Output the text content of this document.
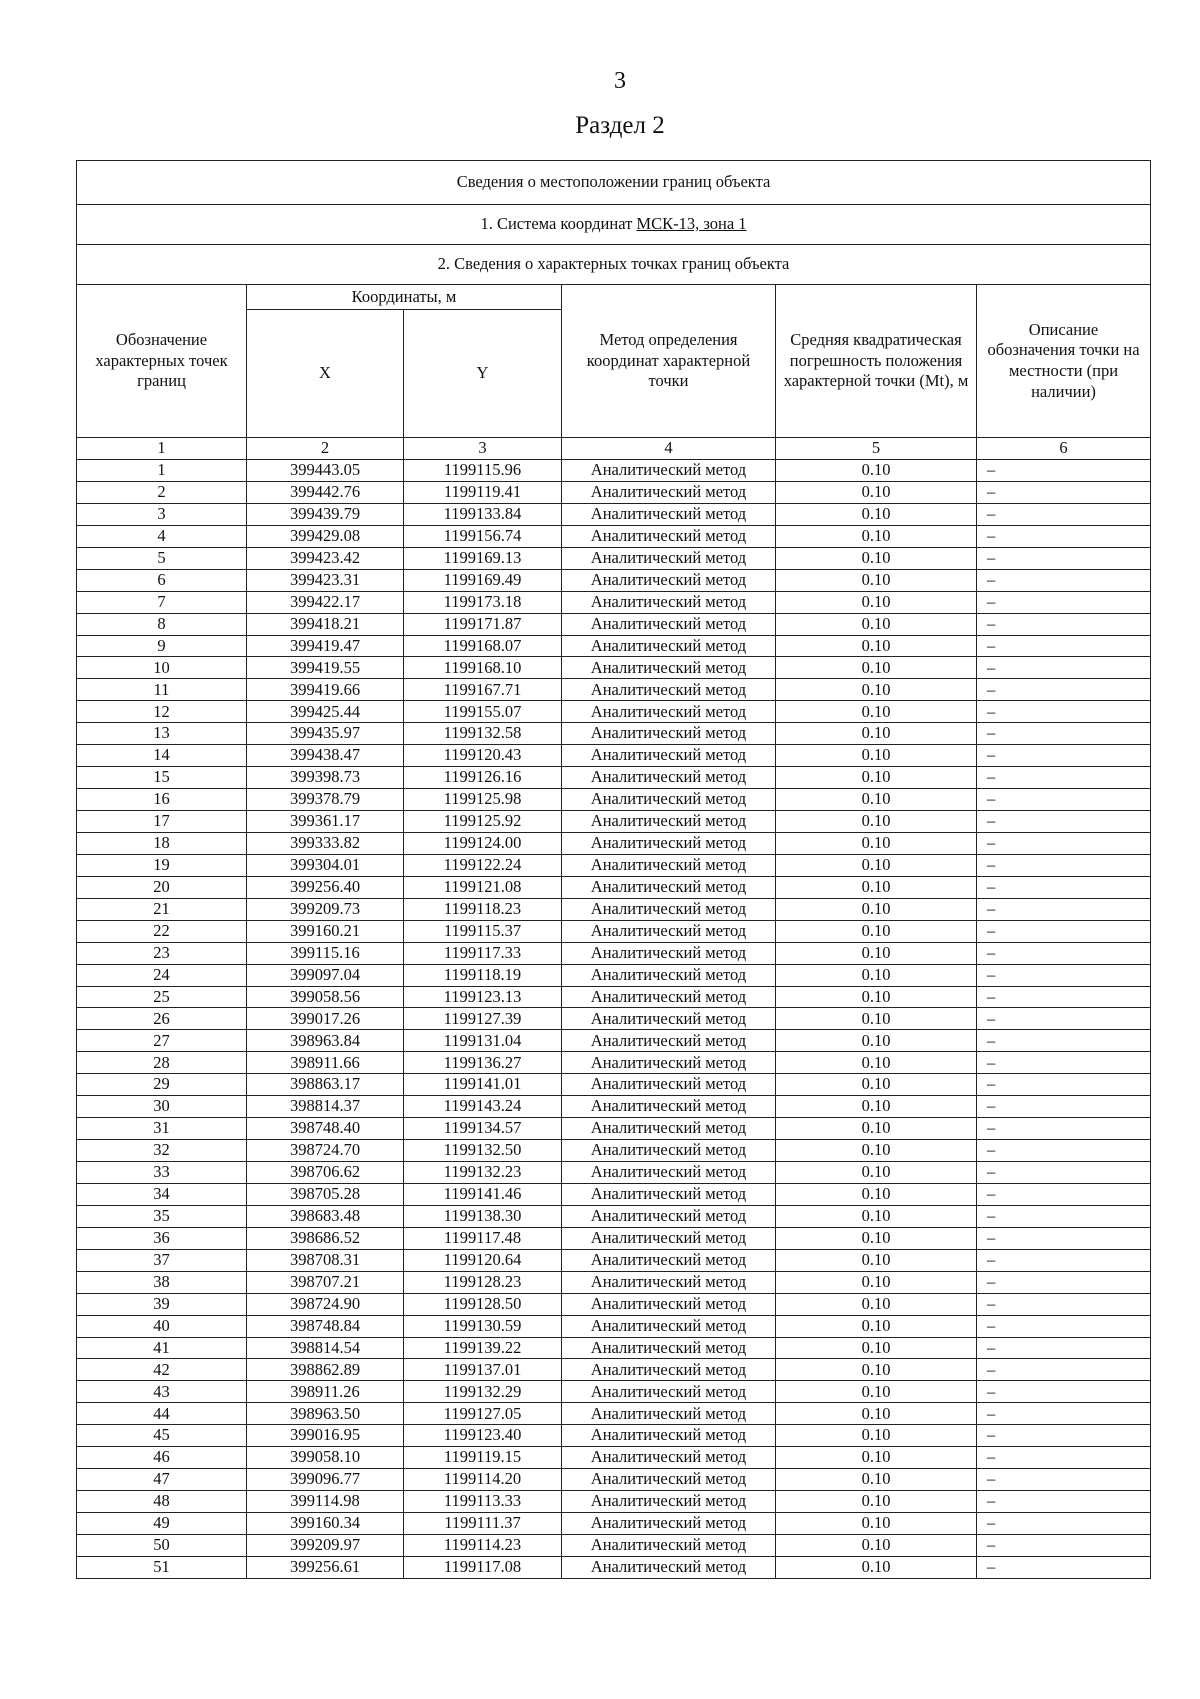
3
Раздел 2
Сведения о местоположении границ объекта					
1. Система координат МСК-13, зона 1					
2. Сведения о характерных точках границ объекта					
Обозначение характерных точек границ	Координаты, м		Метод определения координат характерной точки	Средняя квадратическая погрешность положения характерной точки (Mt), м	Описание обозначения точки на местности (при наличии)
	X	Y			
1	2	3	4	5	6
1	399443.05	1199115.96	Аналитический метод	0.10	–
2	399442.76	1199119.41	Аналитический метод	0.10	–
3	399439.79	1199133.84	Аналитический метод	0.10	–
4	399429.08	1199156.74	Аналитический метод	0.10	–
5	399423.42	1199169.13	Аналитический метод	0.10	–
6	399423.31	1199169.49	Аналитический метод	0.10	–
7	399422.17	1199173.18	Аналитический метод	0.10	–
8	399418.21	1199171.87	Аналитический метод	0.10	–
9	399419.47	1199168.07	Аналитический метод	0.10	–
10	399419.55	1199168.10	Аналитический метод	0.10	–
11	399419.66	1199167.71	Аналитический метод	0.10	–
12	399425.44	1199155.07	Аналитический метод	0.10	–
13	399435.97	1199132.58	Аналитический метод	0.10	–
14	399438.47	1199120.43	Аналитический метод	0.10	–
15	399398.73	1199126.16	Аналитический метод	0.10	–
16	399378.79	1199125.98	Аналитический метод	0.10	–
17	399361.17	1199125.92	Аналитический метод	0.10	–
18	399333.82	1199124.00	Аналитический метод	0.10	–
19	399304.01	1199122.24	Аналитический метод	0.10	–
20	399256.40	1199121.08	Аналитический метод	0.10	–
21	399209.73	1199118.23	Аналитический метод	0.10	–
22	399160.21	1199115.37	Аналитический метод	0.10	–
23	399115.16	1199117.33	Аналитический метод	0.10	–
24	399097.04	1199118.19	Аналитический метод	0.10	–
25	399058.56	1199123.13	Аналитический метод	0.10	–
26	399017.26	1199127.39	Аналитический метод	0.10	–
27	398963.84	1199131.04	Аналитический метод	0.10	–
28	398911.66	1199136.27	Аналитический метод	0.10	–
29	398863.17	1199141.01	Аналитический метод	0.10	–
30	398814.37	1199143.24	Аналитический метод	0.10	–
31	398748.40	1199134.57	Аналитический метод	0.10	–
32	398724.70	1199132.50	Аналитический метод	0.10	–
33	398706.62	1199132.23	Аналитический метод	0.10	–
34	398705.28	1199141.46	Аналитический метод	0.10	–
35	398683.48	1199138.30	Аналитический метод	0.10	–
36	398686.52	1199117.48	Аналитический метод	0.10	–
37	398708.31	1199120.64	Аналитический метод	0.10	–
38	398707.21	1199128.23	Аналитический метод	0.10	–
39	398724.90	1199128.50	Аналитический метод	0.10	–
40	398748.84	1199130.59	Аналитический метод	0.10	–
41	398814.54	1199139.22	Аналитический метод	0.10	–
42	398862.89	1199137.01	Аналитический метод	0.10	–
43	398911.26	1199132.29	Аналитический метод	0.10	–
44	398963.50	1199127.05	Аналитический метод	0.10	–
45	399016.95	1199123.40	Аналитический метод	0.10	–
46	399058.10	1199119.15	Аналитический метод	0.10	–
47	399096.77	1199114.20	Аналитический метод	0.10	–
48	399114.98	1199113.33	Аналитический метод	0.10	–
49	399160.34	1199111.37	Аналитический метод	0.10	–
50	399209.97	1199114.23	Аналитический метод	0.10	–
51	399256.61	1199117.08	Аналитический метод	0.10	–
